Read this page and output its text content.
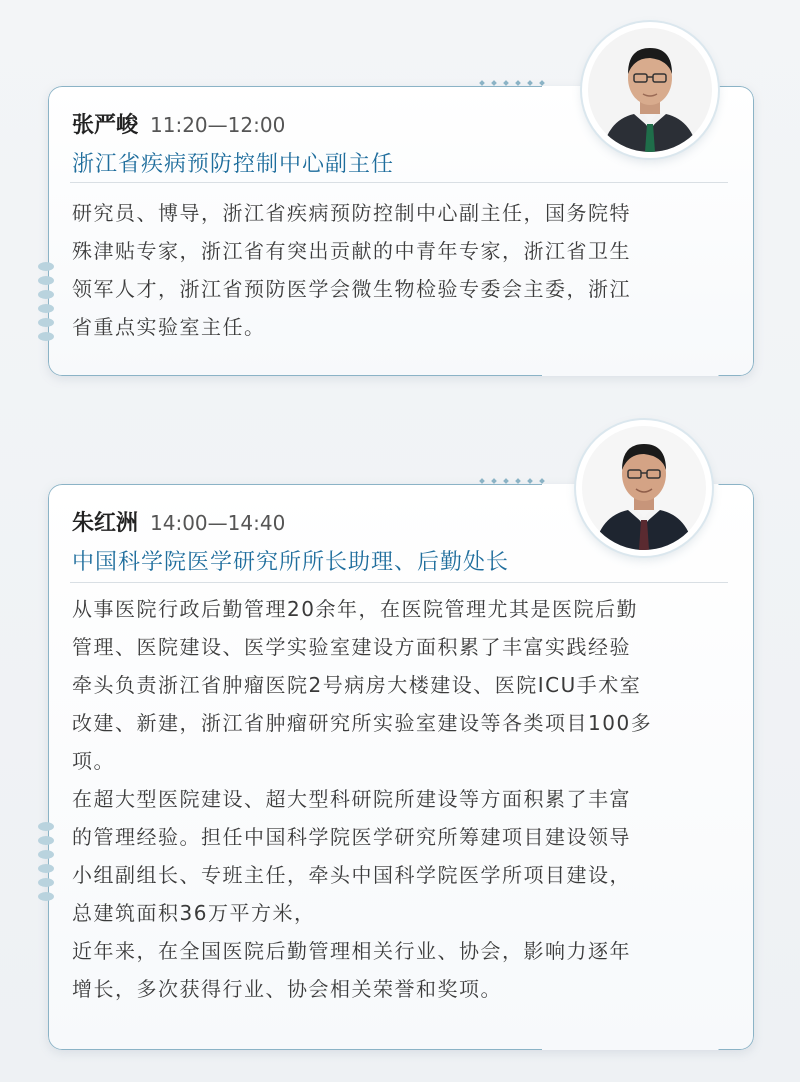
张严峻 11:20—12:00
浙江省疾病预防控制中心副主任

研究员、博导，浙江省疾病预防控制中心副主任，国务院特

殊津贴专家，浙江省有突出贡献的中青年专家，浙江省卫生

领军人才，浙江省预防医学会微生物检验专委会主委，浙江

省重点实验室主任。

朱红洲 14:00—14:40
中国科学院医学研究所所长助理、后勤处长

从事医院行政后勤管理20余年，在医院管理尤其是医院后勤

管理、医院建设、医学实验室建设方面积累了丰富实践经验

牵头负责浙江省肿瘤医院2号病房大楼建设、医院ICU手术室

改建、新建，浙江省肿瘤研究所实验室建设等各类项目100多

项。

在超大型医院建设、超大型科研院所建设等方面积累了丰富

的管理经验。担任中国科学院医学研究所筹建项目建设领导

小组副组长、专班主任，牵头中国科学院医学所项目建设，

总建筑面积36万平方米，

近年来，在全国医院后勤管理相关行业、协会，影响力逐年

增长，多次获得行业、协会相关荣誉和奖项。
